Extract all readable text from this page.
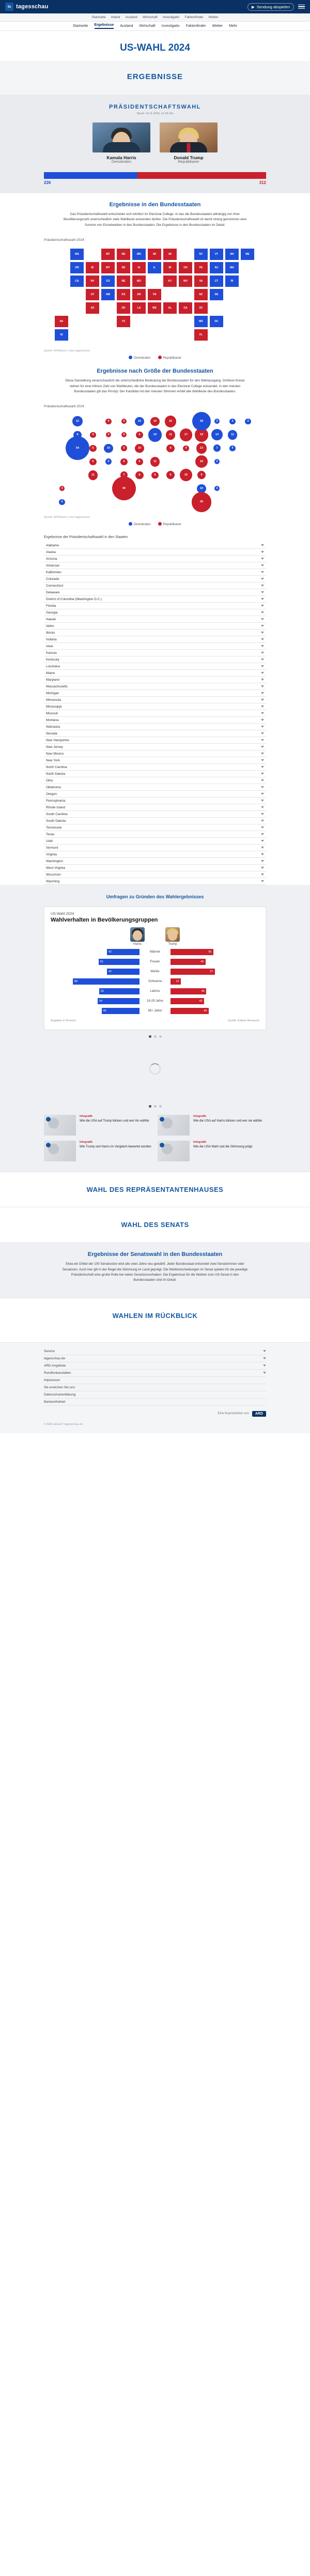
ts tagesschau	▶ Sendung abspielen
Startseite Inland Ausland Wirtschaft Investigativ Faktenfinder Wetter
Startseite Ergebnisse Ausland Wirtschaft Investigativ Faktenfinder Wetter Mehr
US-WAHL 2024
ERGEBNISSE
PRÄSIDENTSCHAFTSWAHL
Stand: 14.11.2024, 11:43 Uhr
Kamala Harris
Demokraten
Donald Trump
Republikaner
226	312
Ergebnisse in den Bundesstaaten
Das Präsidentschaftswahl entscheidet sich letztlich im Electoral College. In das die Bundesstaaten abhängig von ihrer Bevölkerungszahl unterschiedlich viele Wahlleute entsenden dürfen. Die Präsidentschaftswahl ist damit streng genommen eine Summe von Einzelwahlen in den Bundesstaaten. Die Ergebnisse in den Bundesstaaten im Detail.
Präsidentschaftswahl 2024
AK
WA
OR
CA	NV
ID
MT
WY
UT
AZ
CO
NM
ND
SD
NE
KS
OK
TX
MN
IA
MO
AR
LA
WI
IL
TN
MS
MI
IN
KY
AL
OH
WV
GA
PA
VA
NC
SC
NY	VT	NH	ME
MA
RI
CT
NJ
DE
MD	DC
HI	FL
Quelle: AP/Edison | eine tagesschau
Demokraten	Republikaner
Ergebnisse nach Größe der Bundesstaaten
Diese Darstellung veranschaulicht die unterschiedliche Bedeutung der Bundesstaaten für den Wahlausgang. Größere Kreise stehen für eine höhere Zahl von Wahlleuten, die der Bundesstaaten in das Electoral College entsendet. In den meisten Bundesstaaten gilt das Prinzip: Der Kandidat mit den meisten Stimmen erhält alle Wahlleute des Bundesstaates.
Präsidentschaftswahl 2024
3
12
8
54	6
4
4
3
6
11
10
5
3
3
5
6
7
40
10
6
10
6
8
10
19
11
6
15
11
8
9
17
4
16
19
13
16
9
28	3	4	4
11
4
7
14
3
10	3
4	30
Quelle: AP/Edison | eine tagesschau
Demokraten	Republikaner
Ergebnisse der Präsidentschaftswahl in den Staaten
Alabama
Alaska
Arizona
Arkansas
Kalifornien
Colorado
Connecticut
Delaware
District of Columbia (Washington D.C.)
Florida
Georgia
Hawaii
Idaho
Illinois
Indiana
Iowa
Kansas
Kentucky
Louisiana
Maine
Maryland
Massachusetts
Michigan
Minnesota
Mississippi
Missouri
Montana
Nebraska
Nevada
New Hampshire
New Jersey
New Mexico
New York
North Carolina
North Dakota
Ohio
Oklahoma
Oregon
Pennsylvania
Rhode Island
South Carolina
South Dakota
Tennessee
Texas
Utah
Vermont
Virginia
Washington
West Virginia
Wisconsin
Wyoming
Umfragen zu Gründen des Wahlergebnisses
US-Wahl 2024
Wahlverhalten in Bevölkerungsgruppen
Harris	Trump
42	Männer	55
53	Frauen	45
42	Weiße	57
86	Schwarze	13
52	Latinos	46
54	18-29 Jahre	43
49	65+ Jahre	49
Angaben in Prozent	Quelle: Edison Research
Infografik
Wie die USA auf Trump blicken und wer ihn wählte
Infografik
Wie die USA auf Harris blicken und wer sie wählte
Infografik
Wie Trump und Harris im Vergleich bewertet werden
Infografik
Wie die USA Wahl und die Stimmung prägt
WAHL DES REPRÄSENTANTENHAUSES
WAHL DES SENATS
Ergebnisse der Senatswahl in den Bundesstaaten
Etwa ein Drittel der 100 Senatssitze wird alle zwei Jahre neu gewählt. Jeder Bundesstaat entsendet zwei Senatorinnen oder Senatoren. Auch hier gilt in der Regel die Stimmung im Land geprägt. Die Wahlentscheidungen im Senat spielen für die jeweilige Präsidentschaft eine große Rolle bei vielen Gesetzesvorhaben. Die Ergebnisse für die Wahlen zum US-Senat in den Bundesstaaten sind im Detail.
WAHLEN IM RÜCKBLICK
Service
tagesschau.de
ARD-Angebote
Rundfunkanstalten
Impressum
Sie erreichen Sie uns
Datenschutzerklärung
Barrierefreiheit
Eine Koproduktion von	ARD
© ARD-aktuell / tagesschau.de
